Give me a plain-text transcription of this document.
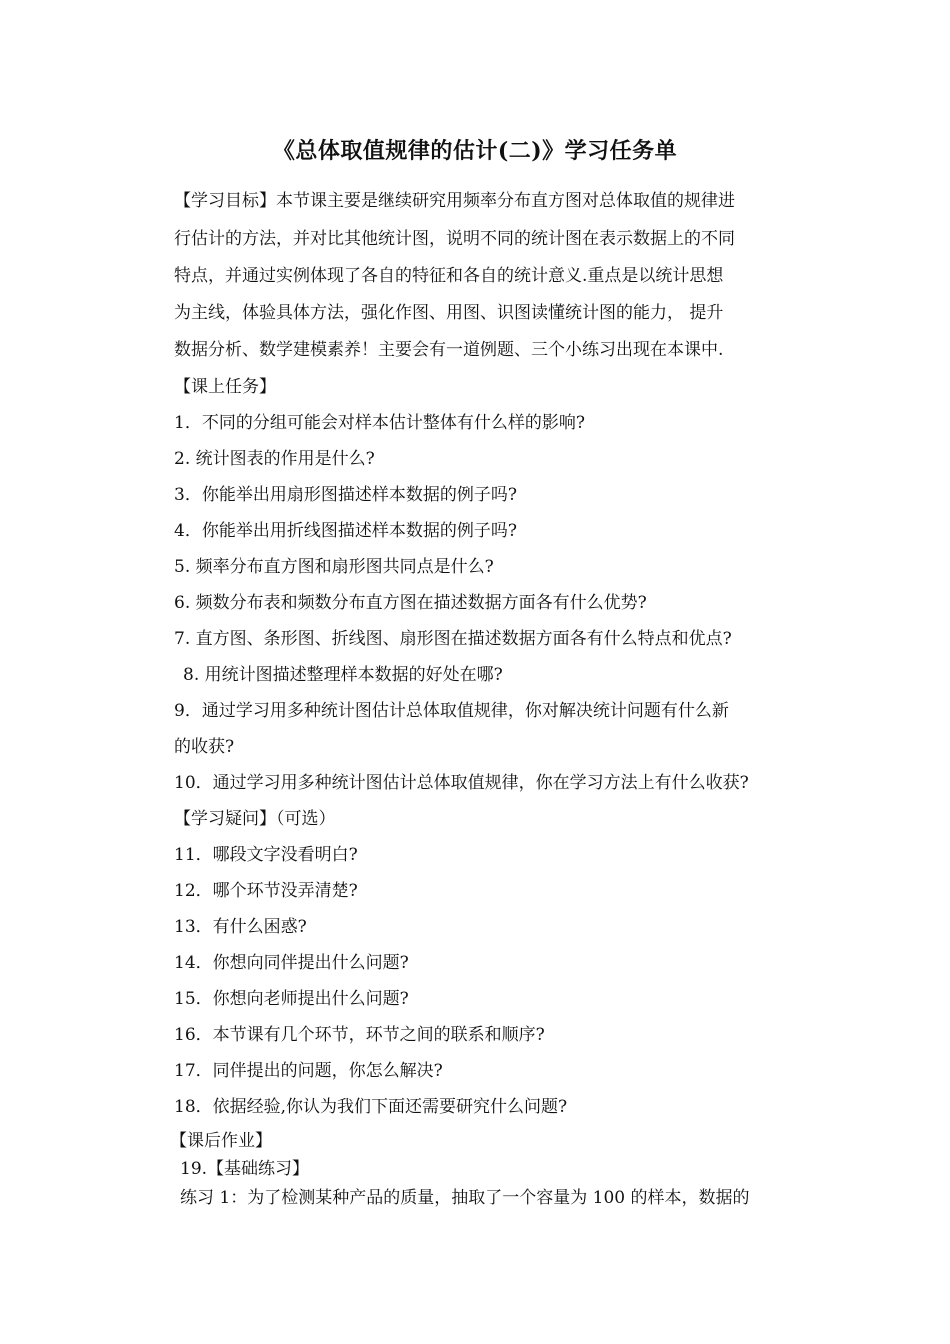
《总体取值规律的估计(二)》学习任务单
【学习目标】本节课主要是继续研究用频率分布直方图对总体取值的规律进
行估计的方法，并对比其他统计图，说明不同的统计图在表示数据上的不同
特点，并通过实例体现了各自的特征和各自的统计意义.重点是以统计思想
为主线，体验具体方法，强化作图、用图、识图读懂统计图的能力， 提升
数据分析、数学建模素养！主要会有一道例题、三个小练习出现在本课中.
【课上任务】
1．不同的分组可能会对样本估计整体有什么样的影响?
2. 统计图表的作用是什么?
3．你能举出用扇形图描述样本数据的例子吗?
4．你能举出用折线图描述样本数据的例子吗?
5. 频率分布直方图和扇形图共同点是什么?
6. 频数分布表和频数分布直方图在描述数据方面各有什么优势?
7. 直方图、条形图、折线图、扇形图在描述数据方面各有什么特点和优点?
8. 用统计图描述整理样本数据的好处在哪?
9．通过学习用多种统计图估计总体取值规律，你对解决统计问题有什么新
的收获?
10．通过学习用多种统计图估计总体取值规律，你在学习方法上有什么收获?
【学习疑问】（可选）
11．哪段文字没看明白?
12．哪个环节没弄清楚?
13．有什么困惑?
14．你想向同伴提出什么问题?
15．你想向老师提出什么问题?
16．本节课有几个环节，环节之间的联系和顺序?
17．同伴提出的问题，你怎么解决?
18．依据经验,你认为我们下面还需要研究什么问题?
【课后作业】
19.【基础练习】
练习 1：为了检测某种产品的质量，抽取了一个容量为 100 的样本，数据的
